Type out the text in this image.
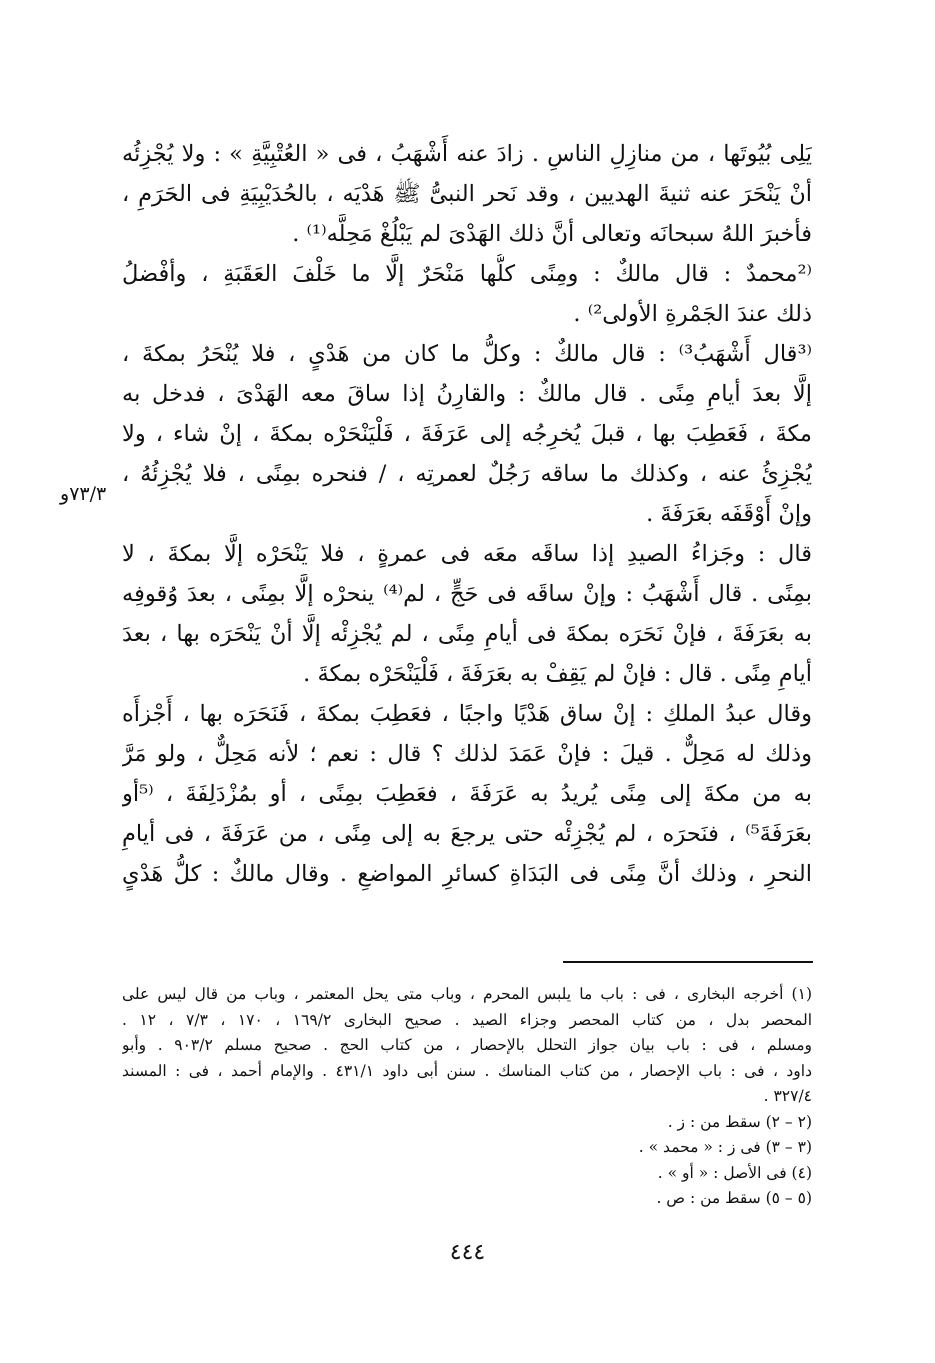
يَلِى بُيُوتَها ، من منازِلِ الناسِ . زادَ عنه أَشْهَبُ ، فى « العُتْبِيَّةِ » : ولا يُجْزِئُه
أنْ يَنْحَرَ عنه ثنيةَ الهديين ، وقد نَحر النبىُّ ﷺ هَدْيَه ، بالحُدَيْبِيَةِ فى الحَرَمِ ،
فأخبرَ اللهُ سبحانَه وتعالى أنَّ ذلك الهَدْىَ لم يَبْلُغْ مَحِلَّه⁽¹⁾ .
⁽²محمدٌ : قال مالكٌ : ومِنًى كلُّها مَنْحَرٌ إلَّا ما خَلْفَ العَقَبَةِ ، وأفْضلُ
ذلك عندَ الجَمْرةِ الأولى²⁾ .
⁽³قال أَشْهَبُ³⁾ : قال مالكٌ : وكلُّ ما كان من هَدْىٍ ، فلا يُنْحَرُ بمكةَ ،
إلَّا بعدَ أيامِ مِنًى . قال مالكٌ : والقارِنُ إذا ساقَ معه الهَدْىَ ، فدخل به
مكةَ ، فَعَطِبَ بها ، قبلَ يُخرِجُه إلى عَرَفَةَ ، فَلْيَنْحَرْه بمكةَ ، إنْ شاء ، ولا
يُجْزِئُ عنه ، وكذلك ما ساقه رَجُلٌ لعمرتِه ، / فنحره بمِنًى ، فلا يُجْزِئُهُ ،
وإنْ أَوْقَفَه بعَرَفَةَ .
قال : وجَزاءُ الصيدِ إذا ساقَه معَه فى عمرةٍ ، فلا يَنْحَرْه إلَّا بمكةَ ، لا
بمِنًى . قال أَشْهَبُ : وإنْ ساقَه فى حَجٍّ ، لم⁽⁴⁾ ينحرْه إلَّا بمِنًى ، بعدَ وُقوفِه
به بعَرَفَةَ ، فإنْ نَحَرَه بمكةَ فى أيامِ مِنًى ، لم يُجْزِئْه إلَّا أنْ يَنْحَرَه بها ، بعدَ
أيامِ مِنًى . قال : فإنْ لم يَقِفْ به بعَرَفَةَ ، فَلْيَنْحَرْه بمكةَ .
وقال عبدُ الملكِ : إنْ ساق هَدْيًا واجبًا ، فعَطِبَ بمكةَ ، فَنَحَرَه بها ، أَجْزأَه
وذلك له مَحِلٌّ . قيلَ : فإنْ عَمَدَ لذلك ؟ قال : نعم ؛ لأنه مَحِلٌّ ، ولو مَرَّ
به من مكةَ إلى مِنًى يُريدُ به عَرَفَةَ ، فعَطِبَ بمِنًى ، أو بمُزْدَلِفَةَ ، ⁽⁵أو
بعَرَفَةَ⁵⁾ ، فنَحرَه ، لم يُجْزِئْه حتى يرجعَ به إلى مِنًى ، من عَرَفَةَ ، فى أيامِ
النحرِ ، وذلك أنَّ مِنًى فى البَدَاةِ كسائرِ المواضعِ . وقال مالكٌ : كلُّ هَدْىٍ
٧٣/٣و
(١) أخرجه البخارى ، فى : باب ما يلبس المحرم ، وباب متى يحل المعتمر ، وباب من قال ليس على
المحصر بدل ، من كتاب المحصر وجزاء الصيد . صحيح البخارى ١٦٩/٢ ، ١٧٠ ، ٧/٣ ، ١٢ .
ومسلم ، فى : باب بيان جواز التحلل بالإحصار ، من كتاب الحج . صحيح مسلم ٩٠٣/٢ . وأبو
داود ، فى : باب الإحصار ، من كتاب المناسك . سنن أبى داود ٤٣١/١ . والإمام أحمد ، فى : المسند
٣٢٧/٤ .
(٢ – ٢) سقط من : ز .
(٣ – ٣) فى ز : « محمد » .
(٤) فى الأصل : « أو » .
(٥ – ٥) سقط من : ص .
٤٤٤
